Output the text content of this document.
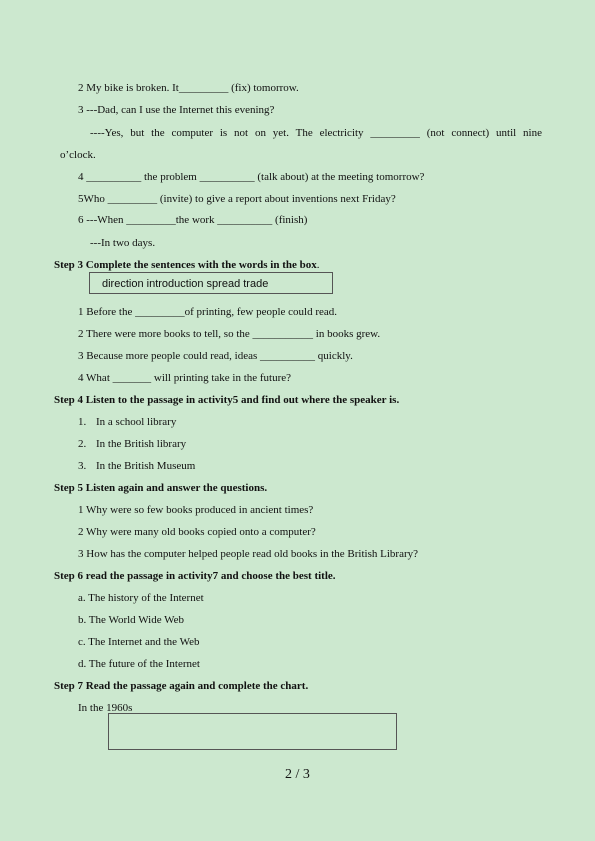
2 My bike is broken. It_________ (fix) tomorrow.
3 ---Dad, can I use the Internet this evening?
----Yes, but the computer is not on yet. The electricity _________ (not connect) until nine
o’clock.
4 __________ the problem __________ (talk about) at the meeting tomorrow?
5Who _________ (invite) to give a report about inventions next Friday?
6 ---When _________the work __________ (finish)
---In two days.
Step 3 Complete the sentences with the words in the box.
direction introduction spread trade
1 Before the _________of printing, few people could read.
2 There were more books to tell, so the ___________ in books grew.
3 Because more people could read, ideas __________ quickly.
4 What _______ will printing take in the future?
Step 4 Listen to the passage in activity5 and find out where the speaker is.
1. In a school library
2. In the British library
3. In the British Museum
Step 5 Listen again and answer the questions.
1 Why were so few books produced in ancient times?
2 Why were many old books copied onto a computer?
3 How has the computer helped people read old books in the British Library?
Step 6 read the passage in activity7 and choose the best title.
a. The history of the Internet
b. The World Wide Web
c. The Internet and the Web
d. The future of the Internet
Step 7 Read the passage again and complete the chart.
In the 1960s
2 / 3
